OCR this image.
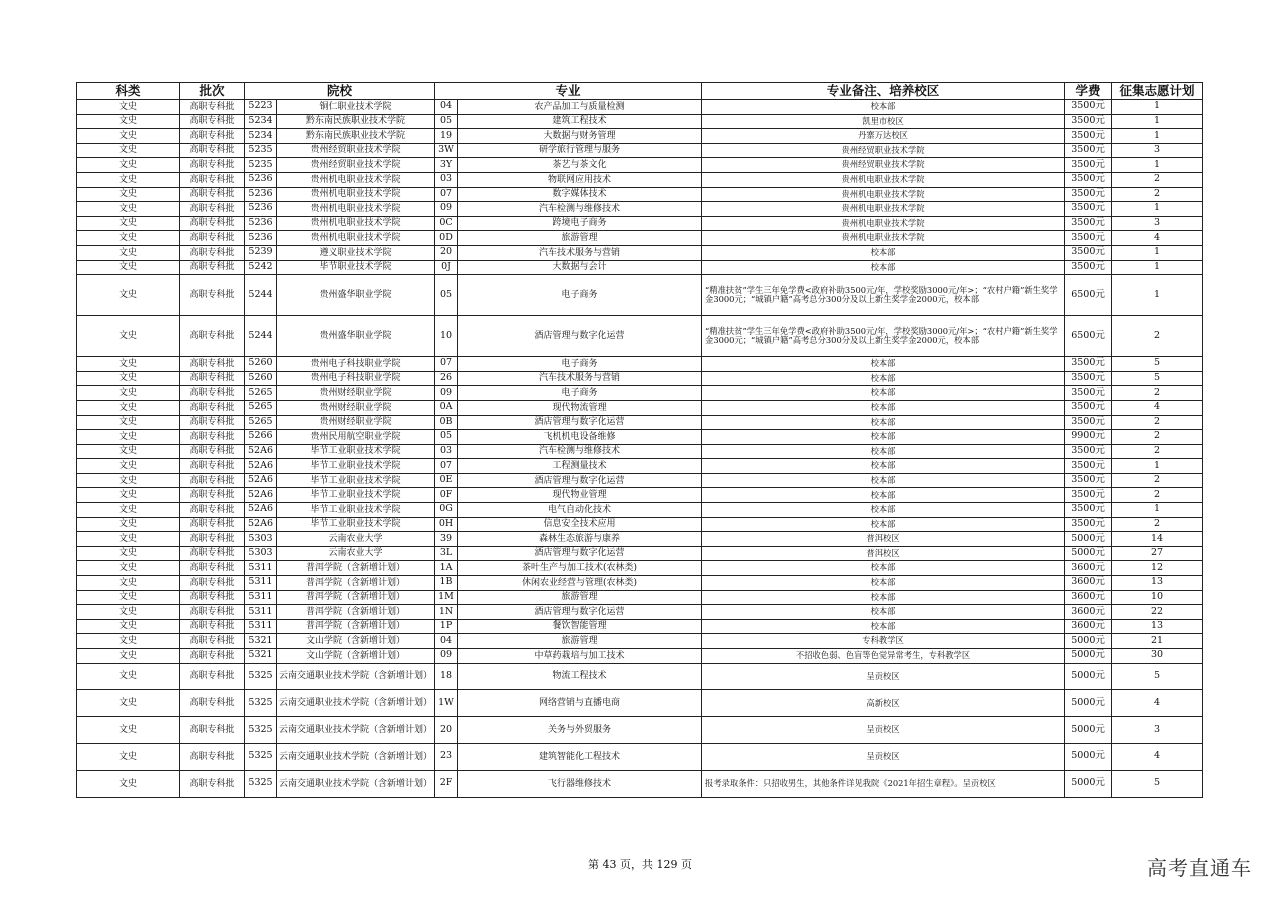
科类	批次	院校		专业		专业备注、培养校区	学费	征集志愿计划
文史	高职专科批	5223	铜仁职业技术学院	04	农产品加工与质量检测	校本部	3500元	1
文史	高职专科批	5234	黔东南民族职业技术学院	05	建筑工程技术	凯里市校区	3500元	1
文史	高职专科批	5234	黔东南民族职业技术学院	19	大数据与财务管理	丹寨万达校区	3500元	1
文史	高职专科批	5235	贵州经贸职业技术学院	3W	研学旅行管理与服务	贵州经贸职业技术学院	3500元	3
文史	高职专科批	5235	贵州经贸职业技术学院	3Y	茶艺与茶文化	贵州经贸职业技术学院	3500元	1
文史	高职专科批	5236	贵州机电职业技术学院	03	物联网应用技术	贵州机电职业技术学院	3500元	2
文史	高职专科批	5236	贵州机电职业技术学院	07	数字媒体技术	贵州机电职业技术学院	3500元	2
文史	高职专科批	5236	贵州机电职业技术学院	09	汽车检测与维修技术	贵州机电职业技术学院	3500元	1
文史	高职专科批	5236	贵州机电职业技术学院	0C	跨境电子商务	贵州机电职业技术学院	3500元	3
文史	高职专科批	5236	贵州机电职业技术学院	0D	旅游管理	贵州机电职业技术学院	3500元	4
文史	高职专科批	5239	遵义职业技术学院	20	汽车技术服务与营销	校本部	3500元	1
文史	高职专科批	5242	毕节职业技术学院	0J	大数据与会计	校本部	3500元	1
文史	高职专科批	5244	贵州盛华职业学院	05	电子商务	“精准扶贫”学生三年免学费<政府补助3500元/年，学校奖励3000元/年>；“农村户籍”新生奖学金3000元；“城镇户籍”高考总分300分及以上新生奖学金2000元，校本部	6500元	1
文史	高职专科批	5244	贵州盛华职业学院	10	酒店管理与数字化运营	“精准扶贫”学生三年免学费<政府补助3500元/年，学校奖励3000元/年>；“农村户籍”新生奖学金3000元；“城镇户籍”高考总分300分及以上新生奖学金2000元，校本部	6500元	2
文史	高职专科批	5260	贵州电子科技职业学院	07	电子商务	校本部	3500元	5
文史	高职专科批	5260	贵州电子科技职业学院	26	汽车技术服务与营销	校本部	3500元	5
文史	高职专科批	5265	贵州财经职业学院	09	电子商务	校本部	3500元	2
文史	高职专科批	5265	贵州财经职业学院	0A	现代物流管理	校本部	3500元	4
文史	高职专科批	5265	贵州财经职业学院	0B	酒店管理与数字化运营	校本部	3500元	2
文史	高职专科批	5266	贵州民用航空职业学院	05	飞机机电设备维修	校本部	9900元	2
文史	高职专科批	52A6	毕节工业职业技术学院	03	汽车检测与维修技术	校本部	3500元	2
文史	高职专科批	52A6	毕节工业职业技术学院	07	工程测量技术	校本部	3500元	1
文史	高职专科批	52A6	毕节工业职业技术学院	0E	酒店管理与数字化运营	校本部	3500元	2
文史	高职专科批	52A6	毕节工业职业技术学院	0F	现代物业管理	校本部	3500元	2
文史	高职专科批	52A6	毕节工业职业技术学院	0G	电气自动化技术	校本部	3500元	1
文史	高职专科批	52A6	毕节工业职业技术学院	0H	信息安全技术应用	校本部	3500元	2
文史	高职专科批	5303	云南农业大学	39	森林生态旅游与康养	普洱校区	5000元	14
文史	高职专科批	5303	云南农业大学	3L	酒店管理与数字化运营	普洱校区	5000元	27
文史	高职专科批	5311	普洱学院（含新增计划）	1A	茶叶生产与加工技术(农林类)	校本部	3600元	12
文史	高职专科批	5311	普洱学院（含新增计划）	1B	休闲农业经营与管理(农林类)	校本部	3600元	13
文史	高职专科批	5311	普洱学院（含新增计划）	1M	旅游管理	校本部	3600元	10
文史	高职专科批	5311	普洱学院（含新增计划）	1N	酒店管理与数字化运营	校本部	3600元	22
文史	高职专科批	5311	普洱学院（含新增计划）	1P	餐饮智能管理	校本部	3600元	13
文史	高职专科批	5321	文山学院（含新增计划）	04	旅游管理	专科教学区	5000元	21
文史	高职专科批	5321	文山学院（含新增计划）	09	中草药栽培与加工技术	不招收色弱、色盲等色觉异常考生，专科教学区	5000元	30
文史	高职专科批	5325	云南交通职业技术学院（含新增计划）	18	物流工程技术	呈贡校区	5000元	5
文史	高职专科批	5325	云南交通职业技术学院（含新增计划）	1W	网络营销与直播电商	高新校区	5000元	4
文史	高职专科批	5325	云南交通职业技术学院（含新增计划）	20	关务与外贸服务	呈贡校区	5000元	3
文史	高职专科批	5325	云南交通职业技术学院（含新增计划）	23	建筑智能化工程技术	呈贡校区	5000元	4
文史	高职专科批	5325	云南交通职业技术学院（含新增计划）	2F	飞行器维修技术	报考录取条件：只招收男生，其他条件详见我院《2021年招生章程》。呈贡校区	5000元	5
第 43 页，共 129 页	高考直通车
